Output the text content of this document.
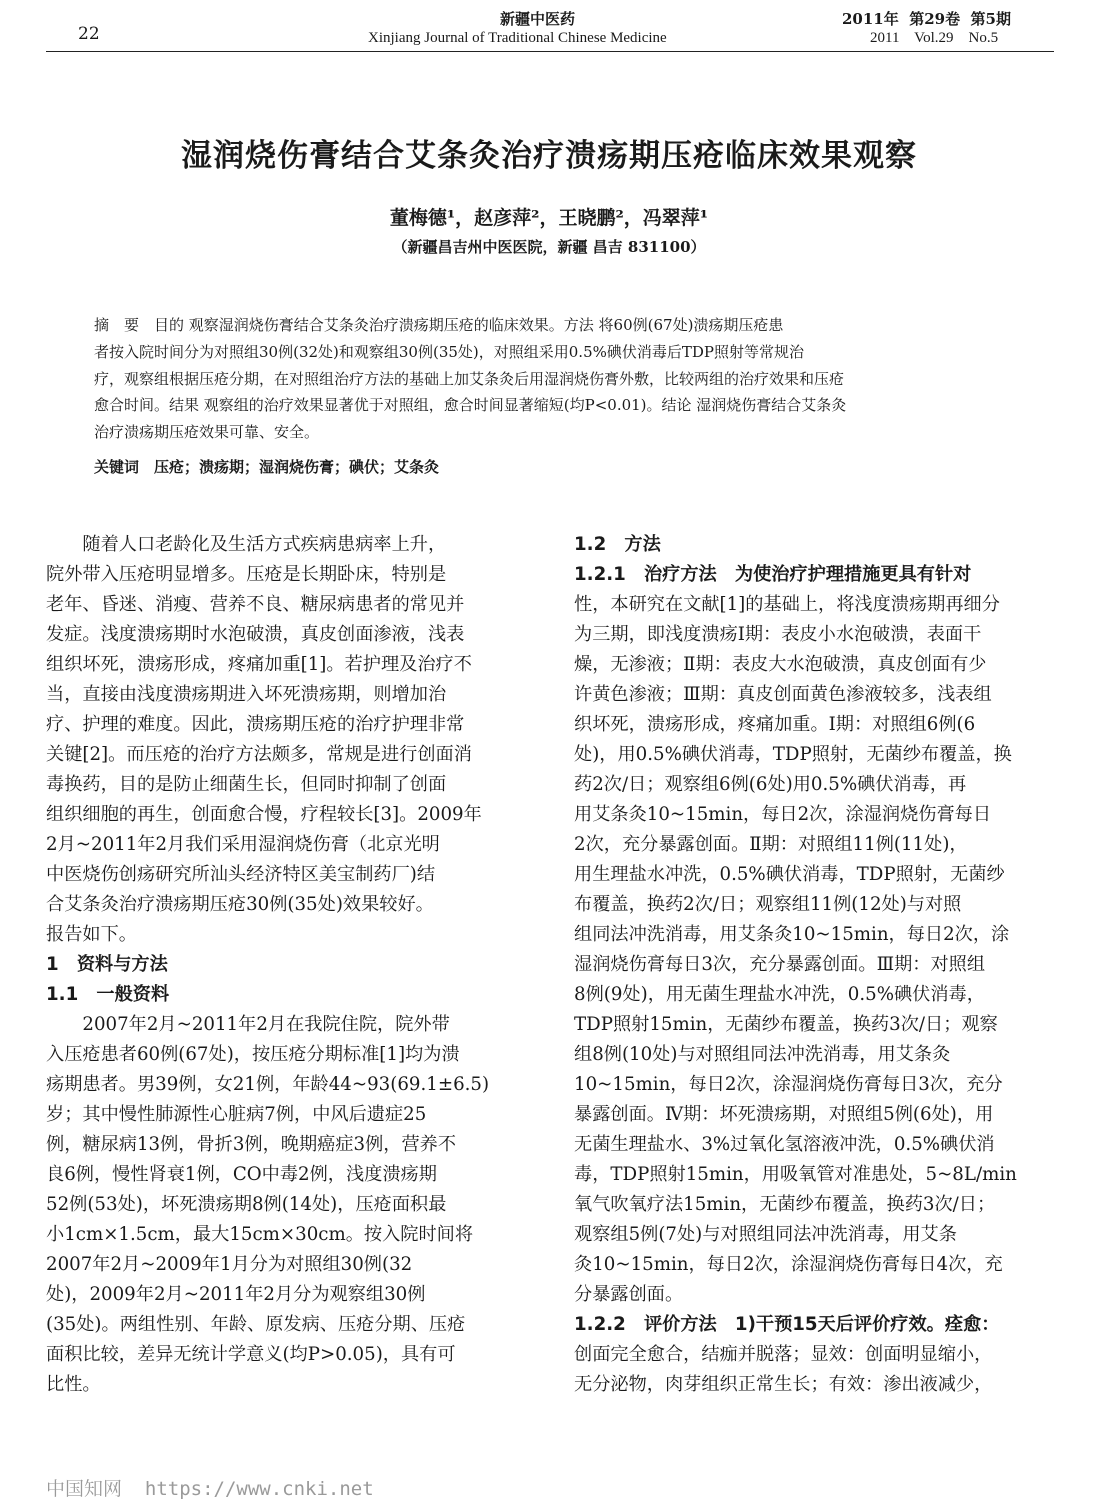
22
新疆中医药
Xinjiang Journal of Traditional Chinese Medicine
2011年  第29卷  第5期
2011    Vol.29    No.5
湿润烧伤膏结合艾条灸治疗溃疡期压疮临床效果观察
董梅德¹，赵彦萍²，王晓鹏²，冯翠萍¹
（新疆昌吉州中医医院，新疆 昌吉 831100）
摘　要　目的 观察湿润烧伤膏结合艾条灸治疗溃疡期压疮的临床效果。方法 将60例(67处)溃疡期压疮患
者按入院时间分为对照组30例(32处)和观察组30例(35处)，对照组采用0.5%碘伏消毒后TDP照射等常规治
疗，观察组根据压疮分期，在对照组治疗方法的基础上加艾条灸后用湿润烧伤膏外敷，比较两组的治疗效果和压疮
愈合时间。结果 观察组的治疗效果显著优于对照组，愈合时间显著缩短(均P<0.01)。结论 湿润烧伤膏结合艾条灸
治疗溃疡期压疮效果可靠、安全。
关键词　压疮；溃疡期；湿润烧伤膏；碘伏；艾条灸
　　随着人口老龄化及生活方式疾病患病率上升，
院外带入压疮明显增多。压疮是长期卧床，特别是
老年、昏迷、消瘦、营养不良、糖尿病患者的常见并
发症。浅度溃疡期时水泡破溃，真皮创面渗液，浅表
组织坏死，溃疡形成，疼痛加重[1]。若护理及治疗不
当，直接由浅度溃疡期进入坏死溃疡期，则增加治
疗、护理的难度。因此，溃疡期压疮的治疗护理非常
关键[2]。而压疮的治疗方法颇多，常规是进行创面消
毒换药，目的是防止细菌生长，但同时抑制了创面
组织细胞的再生，创面愈合慢，疗程较长[3]。2009年
2月~2011年2月我们采用湿润烧伤膏（北京光明
中医烧伤创疡研究所汕头经济特区美宝制药厂)结
合艾条灸治疗溃疡期压疮30例(35处)效果较好。
报告如下。
1　资料与方法
1.1　一般资料
　　2007年2月~2011年2月在我院住院，院外带
入压疮患者60例(67处)，按压疮分期标准[1]均为溃
疡期患者。男39例，女21例，年龄44~93(69.1±6.5)
岁；其中慢性肺源性心脏病7例，中风后遗症25
例，糖尿病13例，骨折3例，晚期癌症3例，营养不
良6例，慢性肾衰1例，CO中毒2例，浅度溃疡期
52例(53处)，坏死溃疡期8例(14处)，压疮面积最
小1cm×1.5cm，最大15cm×30cm。按入院时间将
2007年2月~2009年1月分为对照组30例(32
处)，2009年2月~2011年2月分为观察组30例
(35处)。两组性别、年龄、原发病、压疮分期、压疮
面积比较，差异无统计学意义(均P>0.05)，具有可
比性。
1.2　方法
1.2.1　治疗方法　为使治疗护理措施更具有针对
性，本研究在文献[1]的基础上，将浅度溃疡期再细分
为三期，即浅度溃疡Ⅰ期：表皮小水泡破溃，表面干
燥，无渗液；Ⅱ期：表皮大水泡破溃，真皮创面有少
许黄色渗液；Ⅲ期：真皮创面黄色渗液较多，浅表组
织坏死，溃疡形成，疼痛加重。Ⅰ期：对照组6例(6
处)，用0.5%碘伏消毒，TDP照射，无菌纱布覆盖，换
药2次/日；观察组6例(6处)用0.5%碘伏消毒，再
用艾条灸10~15min，每日2次，涂湿润烧伤膏每日
2次，充分暴露创面。Ⅱ期：对照组11例(11处)，
用生理盐水冲洗，0.5%碘伏消毒，TDP照射，无菌纱
布覆盖，换药2次/日；观察组11例(12处)与对照
组同法冲洗消毒，用艾条灸10~15min，每日2次，涂
湿润烧伤膏每日3次，充分暴露创面。Ⅲ期：对照组
8例(9处)，用无菌生理盐水冲洗，0.5%碘伏消毒，
TDP照射15min，无菌纱布覆盖，换药3次/日；观察
组8例(10处)与对照组同法冲洗消毒，用艾条灸
10~15min，每日2次，涂湿润烧伤膏每日3次，充分
暴露创面。Ⅳ期：坏死溃疡期，对照组5例(6处)，用
无菌生理盐水、3%过氧化氢溶液冲洗，0.5%碘伏消
毒，TDP照射15min，用吸氧管对准患处，5~8L/min
氧气吹氧疗法15min，无菌纱布覆盖，换药3次/日；
观察组5例(7处)与对照组同法冲洗消毒，用艾条
灸10~15min，每日2次，涂湿润烧伤膏每日4次，充
分暴露创面。
1.2.2　评价方法　1)干预15天后评价疗效。痊愈：
创面完全愈合，结痂并脱落；显效：创面明显缩小，
无分泌物，肉芽组织正常生长；有效：渗出液减少，
中国知网  https://www.cnki.net
